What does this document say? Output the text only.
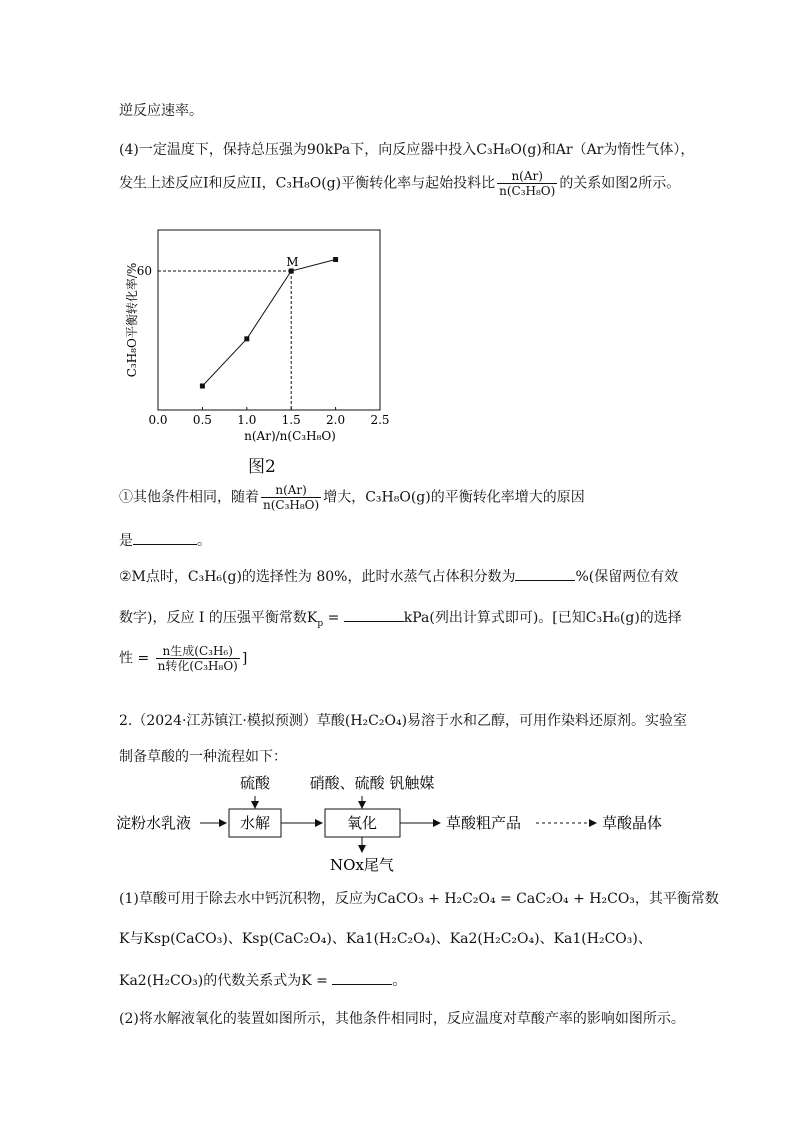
逆反应速率。
(4)一定温度下，保持总压强为90kPa下，向反应器中投入C₃H₈O(g)和Ar（Ar为惰性气体），
发生上述反应I和反应II，C₃H₈O(g)平衡转化率与起始投料比 $\frac{n(Ar)}{\text{n(C₃H₈O)}}$ 的关系如图2所示。
0.0 0.5 1.0 1.5 2.0 2.5
60
M
C₃H₈O平衡转化率/%
n(Ar)/n(C₃H₈O)
图2
①其他条件相同，随着 $\frac{n(Ar)}{\text{n(C₃H₈O)}}$ 增大，C₃H₈O(g)的平衡转化率增大的原因
是	。
②M点时，C₃H₆(g)的选择性为 80%，此时水蒸气占体积分数为	%(保留两位有效
数字)，反应 I 的压强平衡常数$K_p$ =	kPa(列出计算式即可)。[已知C₃H₆(g)的选择
性 = $\frac{\text{n生成(C₃H₆)}}{\text{n转化(C₃H₈O)}}$ ]
2.（2024·江苏镇江·模拟预测）草酸(H₂C₂O₄)易溶于水和乙醇，可用作染料还原剂。实验室
制备草酸的一种流程如下：
硫酸	硝酸、硫酸 钒触媒
淀粉水乳液	水解	氧化	草酸粗产品	草酸晶体
NOx尾气
(1)草酸可用于除去水中钙沉积物，反应为CaCO₃ + H₂C₂O₄ = CaC₂O₄ + H₂CO₃，其平衡常数
K与Ksp(CaCO₃)、Ksp(CaC₂O₄)、Ka1(H₂C₂O₄)、Ka2(H₂C₂O₄)、Ka1(H₂CO₃)、
Ka2(H₂CO₃)的代数关系式为K =	。
(2)将水解液氧化的装置如图所示，其他条件相同时，反应温度对草酸产率的影响如图所示。
